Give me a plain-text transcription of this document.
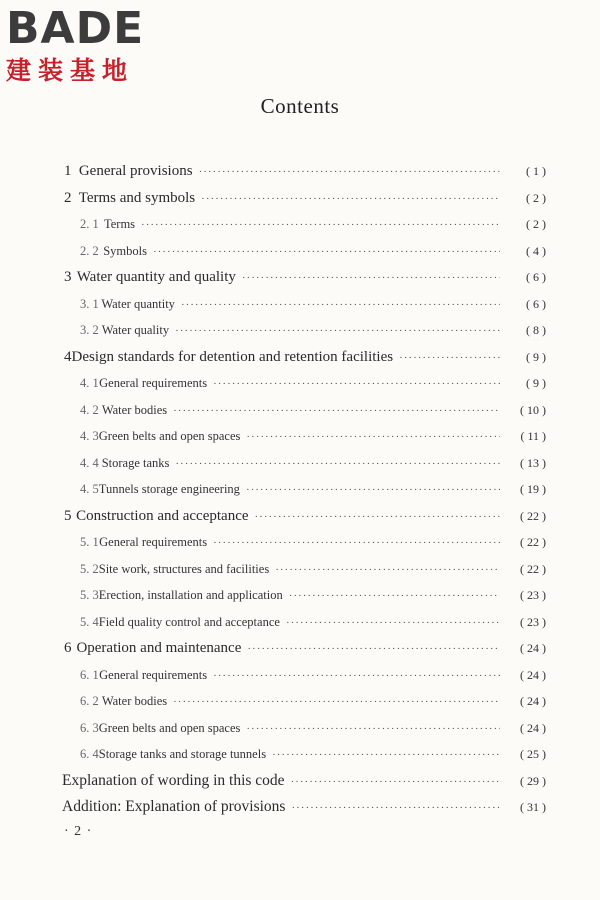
BADE
建装基地
Contents
1 General provisions ·····	( 1 )
2 Terms and symbols ·····	( 2 )
2. 1 Terms ·····	( 2 )
2. 2 Symbols ·····	( 4 )
3 Water quantity and quality ·····	( 6 )
3. 1 Water quantity ·····	( 6 )
3. 2 Water quality ·····	( 8 )
4 Design standards for detention and retention facilities ·····	( 9 )
4. 1 General requirements ·····	( 9 )
4. 2 Water bodies ·····	( 10 )
4. 3 Green belts and open spaces ·····	( 11 )
4. 4 Storage tanks ·····	( 13 )
4. 5 Tunnels storage engineering ·····	( 19 )
5 Construction and acceptance ·····	( 22 )
5. 1 General requirements ·····	( 22 )
5. 2 Site work, structures and facilities ·····	( 22 )
5. 3 Erection, installation and application ·····	( 23 )
5. 4 Field quality control and acceptance ·····	( 23 )
6 Operation and maintenance ·····	( 24 )
6. 1 General requirements ·····	( 24 )
6. 2 Water bodies ·····	( 24 )
6. 3 Green belts and open spaces ·····	( 24 )
6. 4 Storage tanks and storage tunnels ·····	( 25 )
Explanation of wording in this code ·····	( 29 )
Addition: Explanation of provisions ·····	( 31 )
· 2 ·
